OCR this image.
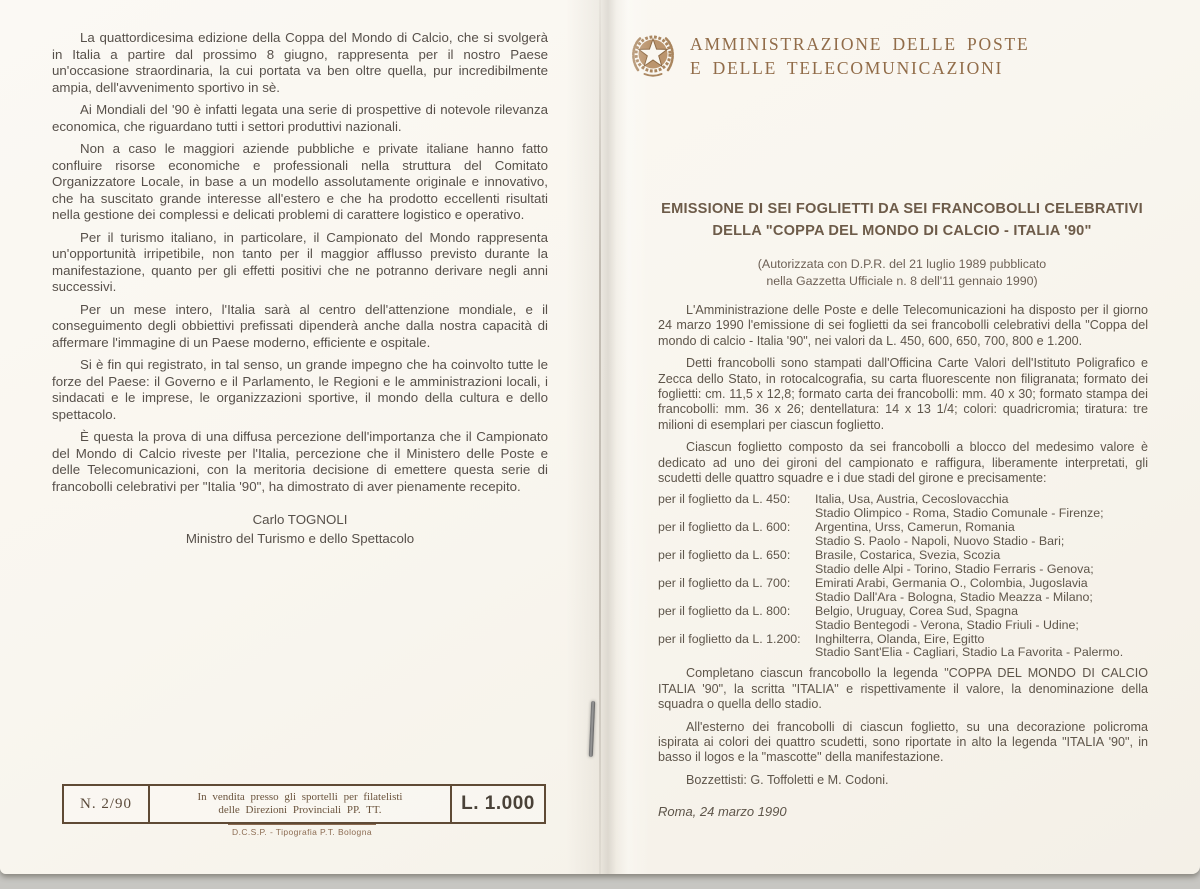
La quattordicesima edizione della Coppa del Mondo di Calcio, che si svolgerà in Italia a partire dal prossimo 8 giugno, rappresenta per il nostro Paese un'occasione straordinaria, la cui portata va ben oltre quella, pur incredibilmente ampia, dell'avvenimento sportivo in sè.

Ai Mondiali del '90 è infatti legata una serie di prospettive di notevole rilevanza economica, che riguardano tutti i settori produttivi nazionali.

Non a caso le maggiori aziende pubbliche e private italiane hanno fatto confluire risorse economiche e professionali nella struttura del Comitato Organizzatore Locale, in base a un modello assolutamente originale e innovativo, che ha suscitato grande interesse all'estero e che ha prodotto eccellenti risultati nella gestione dei complessi e delicati problemi di carattere logistico e operativo.

Per il turismo italiano, in particolare, il Campionato del Mondo rappresenta un'opportunità irripetibile, non tanto per il maggior afflusso previsto durante la manifestazione, quanto per gli effetti positivi che ne potranno derivare negli anni successivi.

Per un mese intero, l'Italia sarà al centro dell'attenzione mondiale, e il conseguimento degli obbiettivi prefissati dipenderà anche dalla nostra capacità di affermare l'immagine di un Paese moderno, efficiente e ospitale.

Si è fin qui registrato, in tal senso, un grande impegno che ha coinvolto tutte le forze del Paese: il Governo e il Parlamento, le Regioni e le amministrazioni locali, i sindacati e le imprese, le organizzazioni sportive, il mondo della cultura e dello spettacolo.

È questa la prova di una diffusa percezione dell'importanza che il Campionato del Mondo di Calcio riveste per l'Italia, percezione che il Ministero delle Poste e delle Telecomunicazioni, con la meritoria decisione di emettere questa serie di francobolli celebrativi per "Italia '90", ha dimostrato di aver pienamente recepito.

Carlo TOGNOLI
Ministro del Turismo e dello Spettacolo
N. 2/90	In vendita presso gli sportelli per filatelisti
delle Direzioni Provinciali PP. TT.	L. 1.000
D.C.S.P. - Tipografia P.T. Bologna
AMMINISTRAZIONE DELLE POSTE
E DELLE TELECOMUNICAZIONI
EMISSIONE DI SEI FOGLIETTI DA SEI FRANCOBOLLI CELEBRATIVI
DELLA "COPPA DEL MONDO DI CALCIO - ITALIA '90"
(Autorizzata con D.P.R. del 21 luglio 1989 pubblicato
nella Gazzetta Ufficiale n. 8 dell'11 gennaio 1990)

L'Amministrazione delle Poste e delle Telecomunicazioni ha disposto per il giorno 24 marzo 1990 l'emissione di sei foglietti da sei francobolli celebrativi della "Coppa del mondo di calcio - Italia '90", nei valori da L. 450, 600, 650, 700, 800 e 1.200.

Detti francobolli sono stampati dall'Officina Carte Valori dell'Istituto Poligrafico e Zecca dello Stato, in rotocalcografia, su carta fluorescente non filigranata; formato dei foglietti: cm. 11,5 x 12,8; formato carta dei francobolli: mm. 40 x 30; formato stampa dei francobolli: mm. 36 x 26; dentellatura: 14 x 13 1/4; colori: quadricromia; tiratura: tre milioni di esemplari per ciascun foglietto.

Ciascun foglietto composto da sei francobolli a blocco del medesimo valore è dedicato ad uno dei gironi del campionato e raffigura, liberamente interpretati, gli scudetti delle quattro squadre e i due stadi del girone e precisamente:

per il foglietto da L. 450:	Italia, Usa, Austria, Cecoslovacchia
Stadio Olimpico - Roma, Stadio Comunale - Firenze;
per il foglietto da L. 600:	Argentina, Urss, Camerun, Romania
Stadio S. Paolo - Napoli, Nuovo Stadio - Bari;
per il foglietto da L. 650:	Brasile, Costarica, Svezia, Scozia
Stadio delle Alpi - Torino, Stadio Ferraris - Genova;
per il foglietto da L. 700:	Emirati Arabi, Germania O., Colombia, Jugoslavia
Stadio Dall'Ara - Bologna, Stadio Meazza - Milano;
per il foglietto da L. 800:	Belgio, Uruguay, Corea Sud, Spagna
Stadio Bentegodi - Verona, Stadio Friuli - Udine;
per il foglietto da L. 1.200:	Inghilterra, Olanda, Eire, Egitto
Stadio Sant'Elia - Cagliari, Stadio La Favorita - Palermo.

Completano ciascun francobollo la legenda "COPPA DEL MONDO DI CALCIO ITALIA '90", la scritta "ITALIA" e rispettivamente il valore, la denominazione della squadra o quella dello stadio.

All'esterno dei francobolli di ciascun foglietto, su una decorazione policroma ispirata ai colori dei quattro scudetti, sono riportate in alto la legenda "ITALIA '90", in basso il logos e la "mascotte" della manifestazione.

Bozzettisti: G. Toffoletti e M. Codoni.

Roma, 24 marzo 1990
